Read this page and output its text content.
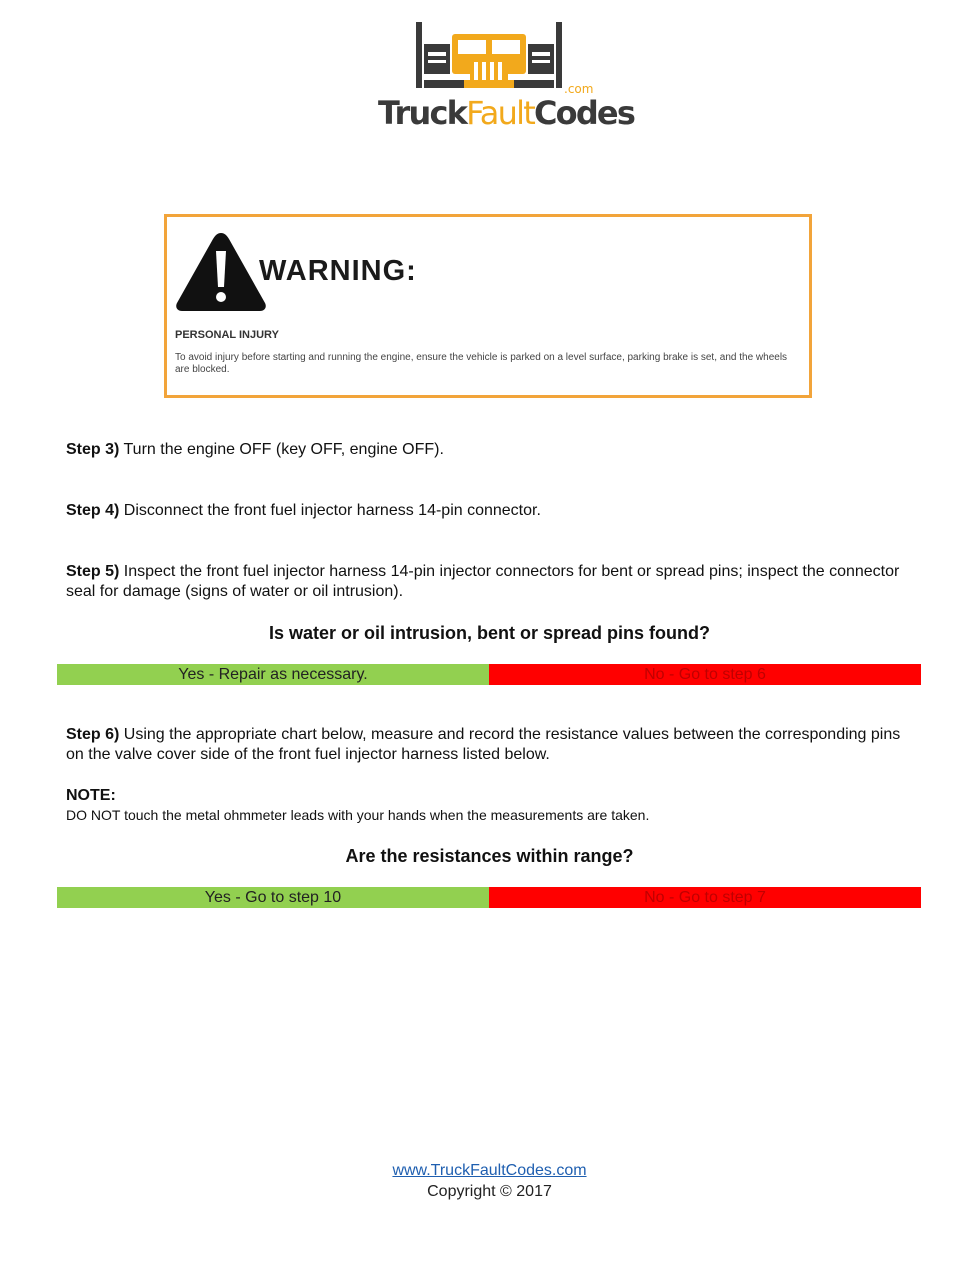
.com
TruckFaultCodes
WARNING:
PERSONAL INJURY
To avoid injury before starting and running the engine, ensure the vehicle is parked on a level surface, parking brake is set, and the wheels are blocked.
Step 3) Turn the engine OFF (key OFF, engine OFF).
Step 4) Disconnect the front fuel injector harness 14-pin connector.
Step 5) Inspect the front fuel injector harness 14-pin injector connectors for bent or spread pins; inspect the connector seal for damage (signs of water or oil intrusion).
Is water or oil intrusion, bent or spread pins found?
Yes - Repair as necessary.	No - Go to step 6
Step 6) Using the appropriate chart below, measure and record the resistance values between the corresponding pins on the valve cover side of the front fuel injector harness listed below.
NOTE:
DO NOT touch the metal ohmmeter leads with your hands when the measurements are taken.
Are the resistances within range?
Yes - Go to step 10	No - Go to step 7
www.TruckFaultCodes.com
Copyright © 2017
